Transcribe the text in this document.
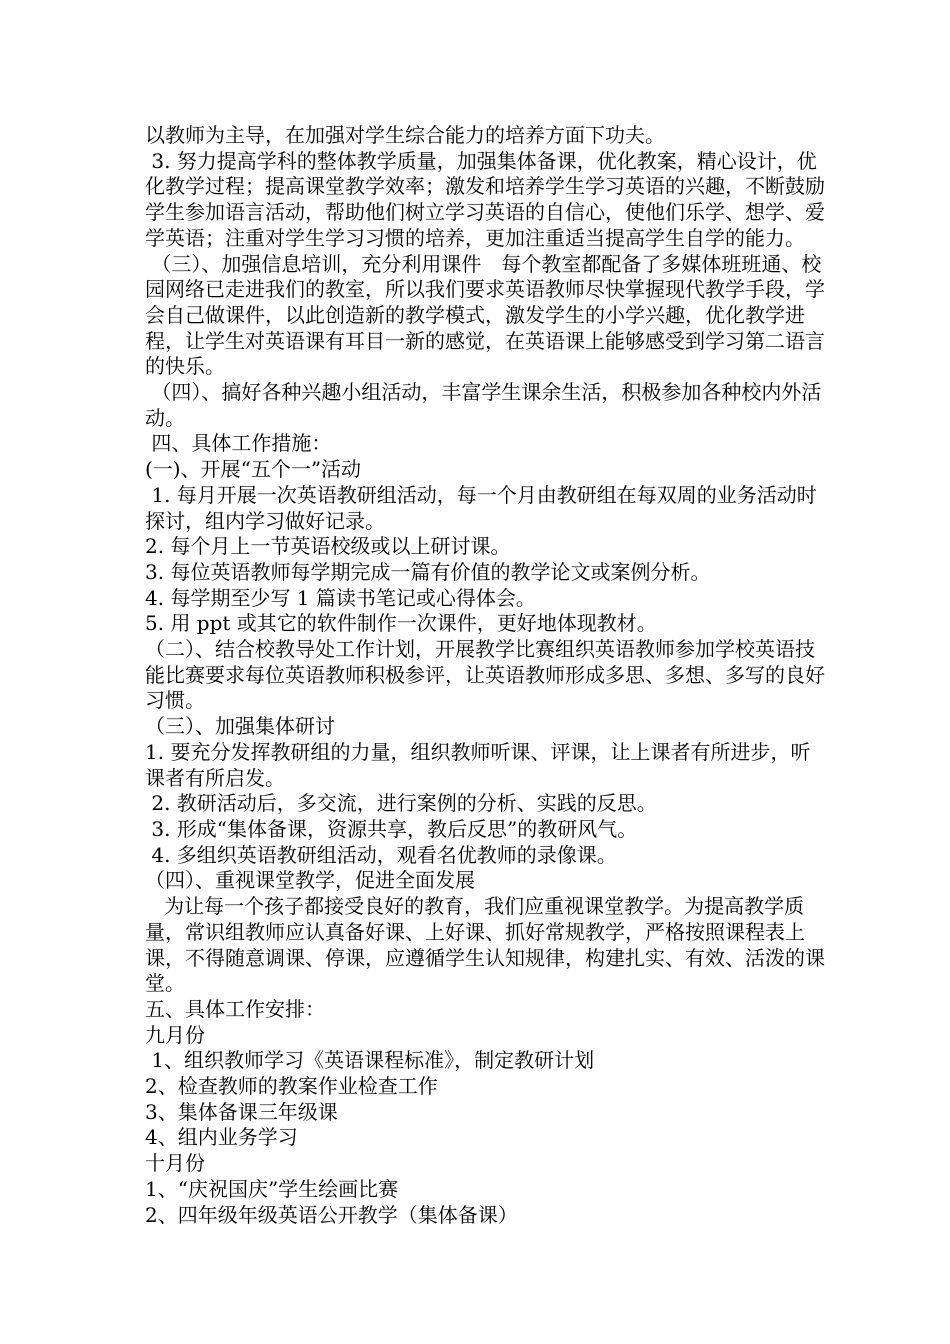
以教师为主导，在加强对学生综合能力的培养方面下功夫。

3. 努力提高学科的整体教学质量，加强集体备课，优化教案，精心设计，优化教学过程；提高课堂教学效率；激发和培养学生学习英语的兴趣，不断鼓励学生参加语言活动，帮助他们树立学习英语的自信心，使他们乐学、想学、爱学英语；注重对学生学习习惯的培养，更加注重适当提高学生自学的能力。

（三）、加强信息培训，充分利用课件　每个教室都配备了多媒体班班通、校园网络已走进我们的教室，所以我们要求英语教师尽快掌握现代教学手段，学会自己做课件，以此创造新的教学模式，激发学生的小学兴趣，优化教学进程，让学生对英语课有耳目一新的感觉，在英语课上能够感受到学习第二语言的快乐。

（四）、搞好各种兴趣小组活动，丰富学生课余生活，积极参加各种校内外活动。

四、具体工作措施：

(一)、开展“五个一”活动

1. 每月开展一次英语教研组活动，每一个月由教研组在每双周的业务活动时探讨，组内学习做好记录。

2. 每个月上一节英语校级或以上研讨课。

3. 每位英语教师每学期完成一篇有价值的教学论文或案例分析。

4. 每学期至少写 1 篇读书笔记或心得体会。

5. 用 ppt 或其它的软件制作一次课件，更好地体现教材。

（二）、结合校教导处工作计划，开展教学比赛组织英语教师参加学校英语技能比赛要求每位英语教师积极参评，让英语教师形成多思、多想、多写的良好习惯。

（三）、加强集体研讨

1. 要充分发挥教研组的力量，组织教师听课、评课，让上课者有所进步，听课者有所启发。

2. 教研活动后，多交流，进行案例的分析、实践的反思。

3. 形成“集体备课，资源共享，教后反思”的教研风气。

4. 多组织英语教研组活动，观看名优教师的录像课。

（四）、重视课堂教学，促进全面发展

为让每一个孩子都接受良好的教育，我们应重视课堂教学。为提高教学质量，常识组教师应认真备好课、上好课、抓好常规教学，严格按照课程表上课，不得随意调课、停课，应遵循学生认知规律，构建扎实、有效、活泼的课堂。

五、具体工作安排：

九月份

1、组织教师学习《英语课程标准》，制定教研计划

2、检查教师的教案作业检查工作

3、集体备课三年级课

4、组内业务学习

十月份

1、“庆祝国庆”学生绘画比赛

2、四年级年级英语公开教学（集体备课）
